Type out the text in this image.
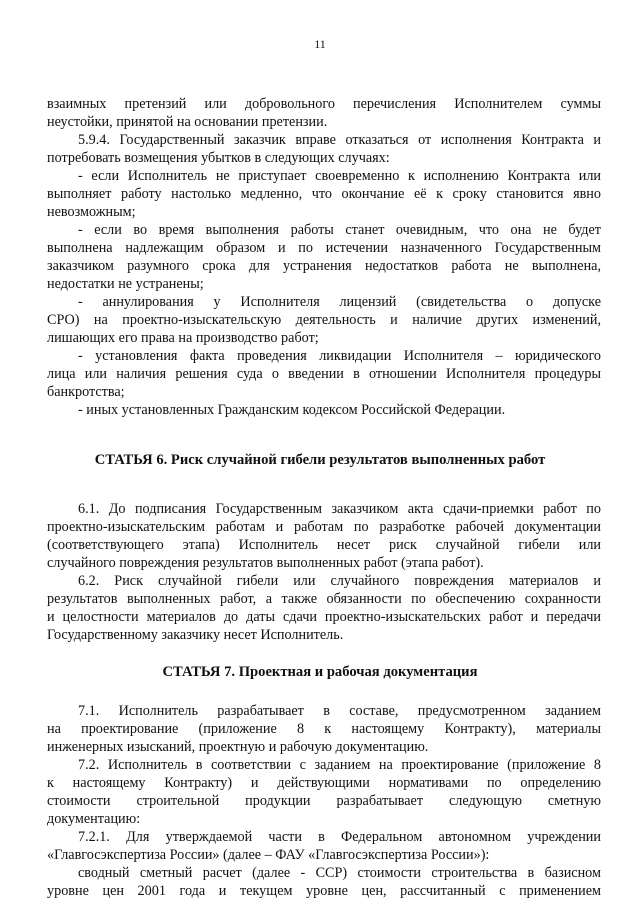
11
взаимных претензий или добровольного перечисления Исполнителем суммы
неустойки, принятой на основании претензии.
5.9.4. Государственный заказчик вправе отказаться от исполнения Контракта и
потребовать возмещения убытков в следующих случаях:
- если Исполнитель не приступает своевременно к исполнению Контракта или
выполняет работу настолько медленно, что окончание её к сроку становится явно
невозможным;
- если во время выполнения работы станет очевидным, что она не будет
выполнена надлежащим образом и по истечении назначенного Государственным
заказчиком разумного срока для устранения недостатков работа не выполнена,
недостатки не устранены;
- аннулирования у Исполнителя лицензий (свидетельства о допуске
СРО) на проектно-изыскательскую деятельность и наличие других изменений,
лишающих его права на производство работ;
- установления факта проведения ликвидации Исполнителя – юридического
лица или наличия решения суда о введении в отношении Исполнителя процедуры
банкротства;
- иных установленных Гражданским кодексом Российской Федерации.
СТАТЬЯ 6. Риск случайной гибели результатов выполненных работ
6.1. До подписания Государственным заказчиком акта сдачи-приемки работ по
проектно-изыскательским работам и работам по разработке рабочей документации
(соответствующего этапа) Исполнитель несет риск случайной гибели или
случайного повреждения результатов выполненных работ (этапа работ).
6.2. Риск случайной гибели или случайного повреждения материалов и
результатов выполненных работ, а также обязанности по обеспечению сохранности
и целостности материалов до даты сдачи проектно-изыскательских работ и передачи
Государственному заказчику несет Исполнитель.
СТАТЬЯ 7. Проектная и рабочая документация
7.1. Исполнитель разрабатывает в составе, предусмотренном заданием
на проектирование (приложение 8 к настоящему Контракту), материалы
инженерных изысканий, проектную и рабочую документацию.
7.2. Исполнитель в соответствии с заданием на проектирование (приложение 8
к настоящему Контракту) и действующими нормативами по определению
стоимости строительной продукции разрабатывает следующую сметную
документацию:
7.2.1. Для утверждаемой части в Федеральном автономном учреждении
«Главгосэкспертиза России» (далее – ФАУ «Главгосэкспертиза России»):
сводный сметный расчет (далее - ССР) стоимости строительства в базисном
уровне цен 2001 года и текущем уровне цен, рассчитанный с применением
